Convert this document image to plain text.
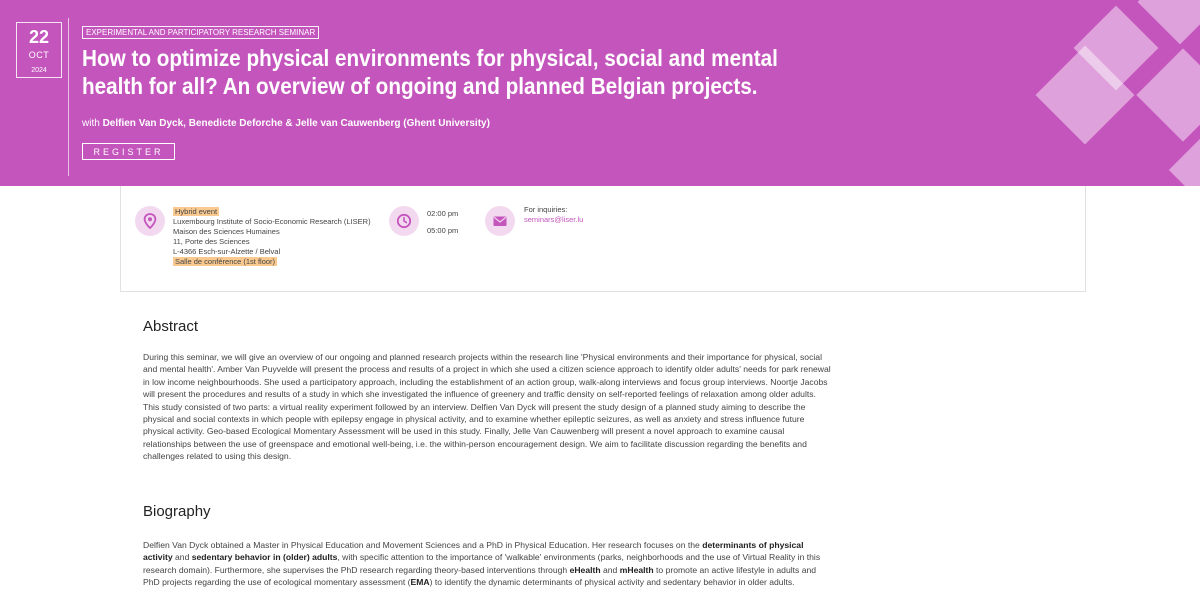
22
OCT
2024
EXPERIMENTAL AND PARTICIPATORY RESEARCH SEMINAR
How to optimize physical environments for physical, social and mental health for all? An overview of ongoing and planned Belgian projects.
with Delfien Van Dyck, Benedicte Deforche & Jelle van Cauwenberg (Ghent University)
REGISTER
Hybrid event
Luxembourg Institute of Socio-Economic Research (LISER)
Maison des Sciences Humaines
11, Porte des Sciences
L-4366 Esch-sur-Alzette / Belval
Salle de conférence (1st floor)
02:00 pm
05:00 pm
For inquiries:
seminars@liser.lu
Abstract

During this seminar, we will give an overview of our ongoing and planned research projects within the research line 'Physical environments and their importance for physical, social and mental health'. Amber Van Puyvelde will present the process and results of a project in which she used a citizen science approach to identify older adults' needs for park renewal in low income neighbourhoods. She used a participatory approach, including the establishment of an action group, walk-along interviews and focus group interviews. Noortje Jacobs will present the procedures and results of a study in which she investigated the influence of greenery and traffic density on self-reported feelings of relaxation among older adults. This study consisted of two parts: a virtual reality experiment followed by an interview. Delfien Van Dyck will present the study design of a planned study aiming to describe the physical and social contexts in which people with epilepsy engage in physical activity, and to examine whether epileptic seizures, as well as anxiety and stress influence future physical activity. Geo-based Ecological Momentary Assessment will be used in this study. Finally, Jelle Van Cauwenberg will present a novel approach to examine causal relationships between the use of greenspace and emotional well-being, i.e. the within-person encouragement design. We aim to facilitate discussion regarding the benefits and challenges related to using this design.

Biography

Delfien Van Dyck obtained a Master in Physical Education and Movement Sciences and a PhD in Physical Education. Her research focuses on the determinants of physical activity and sedentary behavior in (older) adults, with specific attention to the importance of 'walkable' environments (parks, neighborhoods and the use of Virtual Reality in this research domain). Furthermore, she supervises the PhD research regarding theory-based interventions through eHealth and mHealth to promote an active lifestyle in adults and PhD projects regarding the use of ecological momentary assessment (EMA) to identify the dynamic determinants of physical activity and sedentary behavior in older adults.
